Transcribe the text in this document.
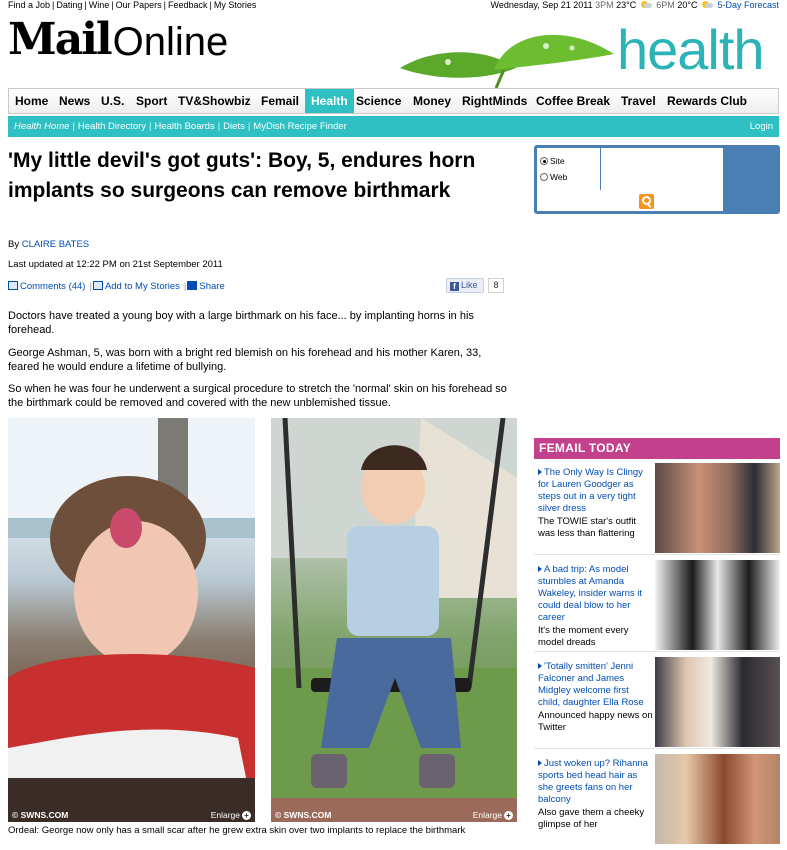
Find a Job | Dating | Wine | Our Papers | Feedback | My Stories	Wednesday, Sep 21 2011 3PM 23°C 6PM 20°C 5-Day Forecast
MailOnline	health
Home News U.S. Sport TV&Showbiz Femail Health Science Money RightMinds Coffee Break Travel Rewards Club
Health Home | Health Directory | Health Boards | Diets | MyDish Recipe Finder	Login
'My little devil's got guts': Boy, 5, endures horn implants so surgeons can remove birthmark
By CLAIRE BATES
Last updated at 12:22 PM on 21st September 2011
Comments (44) | Add to My Stories | Share	f Like	8

Doctors have treated a young boy with a large birthmark on his face... by implanting horns in his forehead.

George Ashman, 5, was born with a bright red blemish on his forehead and his mother Karen, 33, feared he would endure a lifetime of bullying.

So when he was four he underwent a surgical procedure to stretch the 'normal' skin on his forehead so the birthmark could be removed and covered with the new unblemished tissue.

© SWNS.COM	Enlarge +	© SWNS.COM	Enlarge +
Ordeal: George now only has a small scar after he grew extra skin over two implants to replace the birthmark
Site
Web
FEMAIL TODAY
The Only Way Is Clingy for Lauren Goodger as steps out in a very tight silver dress
The TOWIE star's outfit was less than flattering
A bad trip: As model stumbles at Amanda Wakeley, insider warns it could deal blow to her career
It's the moment every model dreads
'Totally smitten' Jenni Falconer and James Midgley welcome first child, daughter Ella Rose
Announced happy news on Twitter
Just woken up? Rihanna sports bed head hair as she greets fans on her balcony
Also gave them a cheeky glimpse of her
